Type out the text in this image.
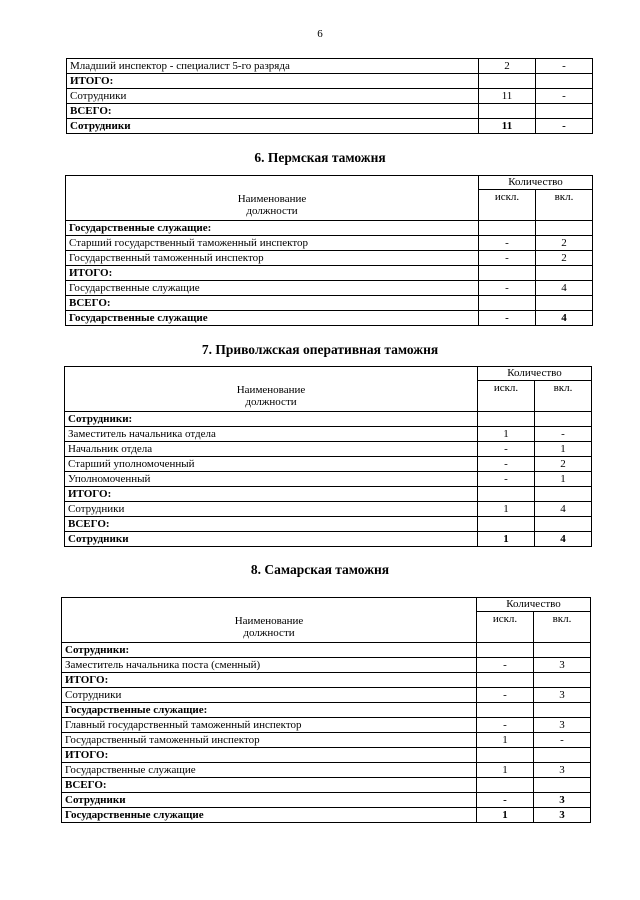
6
Младший инспектор - специалист 5-го разряда	2	-
ИТОГО:		
Сотрудники	11	-
ВСЕГО:		
Сотрудники	11	-
6. Пермская таможня
Наименование
должности	Количество	
	искл.	вкл.
Государственные служащие:		
Старший государственный таможенный инспектор	-	2
Государственный таможенный инспектор	-	2
ИТОГО:		
Государственные служащие	-	4
ВСЕГО:		
Государственные служащие	-	4
7. Приволжская оперативная таможня
Наименование
должности	Количество	
	искл.	вкл.
Сотрудники:		
Заместитель начальника отдела	1	-
Начальник отдела	-	1
Старший уполномоченный	-	2
Уполномоченный	-	1
ИТОГО:		
Сотрудники	1	4
ВСЕГО:		
Сотрудники	1	4
8. Самарская таможня
Наименование
должности	Количество	
	искл.	вкл.
Сотрудники:		
Заместитель начальника поста (сменный)	-	3
ИТОГО:		
Сотрудники	-	3
Государственные служащие:		
Главный государственный таможенный инспектор	-	3
Государственный таможенный инспектор	1	-
ИТОГО:		
Государственные служащие	1	3
ВСЕГО:		
Сотрудники	-	3
Государственные служащие	1	3
